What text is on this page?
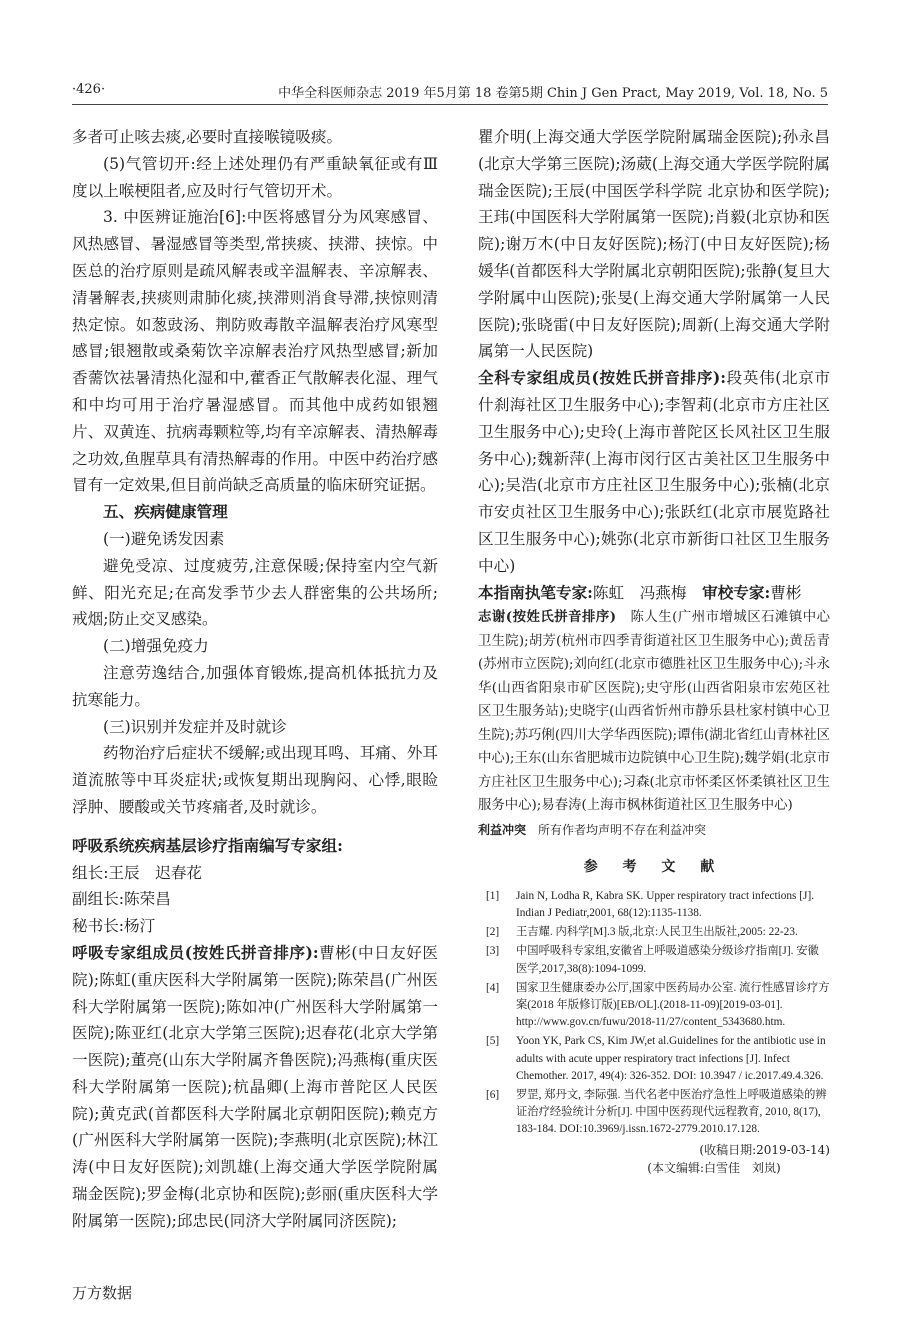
·426·	中华全科医师杂志 2019 年5月第 18 卷第5期 Chin J Gen Pract, May 2019, Vol. 18, No. 5

多者可止咳去痰,必要时直接喉镜吸痰。

(5)气管切开:经上述处理仍有严重缺氧征或有Ⅲ度以上喉梗阻者,应及时行气管切开术。

3. 中医辨证施治[6]:中医将感冒分为风寒感冒、风热感冒、暑湿感冒等类型,常挟痰、挟滞、挟惊。中医总的治疗原则是疏风解表或辛温解表、辛凉解表、清暑解表,挟痰则肃肺化痰,挟滞则消食导滞,挟惊则清热定惊。如葱豉汤、荆防败毒散辛温解表治疗风寒型感冒;银翘散或桑菊饮辛凉解表治疗风热型感冒;新加香薷饮祛暑清热化湿和中,藿香正气散解表化湿、理气和中均可用于治疗暑湿感冒。而其他中成药如银翘片、双黄连、抗病毒颗粒等,均有辛凉解表、清热解毒之功效,鱼腥草具有清热解毒的作用。中医中药治疗感冒有一定效果,但目前尚缺乏高质量的临床研究证据。

五、疾病健康管理

(一)避免诱发因素

避免受凉、过度疲劳,注意保暖;保持室内空气新鲜、阳光充足;在高发季节少去人群密集的公共场所;戒烟;防止交叉感染。

(二)增强免疫力

注意劳逸结合,加强体育锻炼,提高机体抵抗力及抗寒能力。

(三)识别并发症并及时就诊

药物治疗后症状不缓解;或出现耳鸣、耳痛、外耳道流脓等中耳炎症状;或恢复期出现胸闷、心悸,眼睑浮肿、腰酸或关节疼痛者,及时就诊。

呼吸系统疾病基层诊疗指南编写专家组:

组长:王辰　迟春花

副组长:陈荣昌

秘书长:杨汀

呼吸专家组成员(按姓氏拼音排序):曹彬(中日友好医院);陈虹(重庆医科大学附属第一医院);陈荣昌(广州医科大学附属第一医院);陈如冲(广州医科大学附属第一医院);陈亚红(北京大学第三医院);迟春花(北京大学第一医院);董亮(山东大学附属齐鲁医院);冯燕梅(重庆医科大学附属第一医院);杭晶卿(上海市普陀区人民医院);黄克武(首都医科大学附属北京朝阳医院);赖克方(广州医科大学附属第一医院);李燕明(北京医院);林江涛(中日友好医院);刘凯雄(上海交通大学医学院附属瑞金医院);罗金梅(北京协和医院);彭丽(重庆医科大学附属第一医院);邱忠民(同济大学附属同济医院);

瞿介明(上海交通大学医学院附属瑞金医院);孙永昌(北京大学第三医院);汤葳(上海交通大学医学院附属瑞金医院);王辰(中国医学科学院 北京协和医学院);王玮(中国医科大学附属第一医院);肖毅(北京协和医院);谢万木(中日友好医院);杨汀(中日友好医院);杨媛华(首都医科大学附属北京朝阳医院);张静(复旦大学附属中山医院);张旻(上海交通大学附属第一人民医院);张晓雷(中日友好医院);周新(上海交通大学附属第一人民医院)

全科专家组成员(按姓氏拼音排序):段英伟(北京市什刹海社区卫生服务中心);李智莉(北京市方庄社区卫生服务中心);史玲(上海市普陀区长风社区卫生服务中心);魏新萍(上海市闵行区古美社区卫生服务中心);吴浩(北京市方庄社区卫生服务中心);张楠(北京市安贞社区卫生服务中心);张跃红(北京市展览路社区卫生服务中心);姚弥(北京市新街口社区卫生服务中心)

本指南执笔专家:陈虹　冯燕梅　 审校专家:曹彬

志谢(按姓氏拼音排序)　 陈人生(广州市增城区石滩镇中心卫生院);胡芳(杭州市四季青街道社区卫生服务中心);黄岳青(苏州市立医院);刘向红(北京市德胜社区卫生服务中心);斗永华(山西省阳泉市矿区医院);史守彤(山西省阳泉市宏苑区社区卫生服务站);史晓宇(山西省忻州市静乐县杜家村镇中心卫生院);苏巧俐(四川大学华西医院);谭伟(湖北省红山青林社区中心);王东(山东省肥城市边院镇中心卫生院);魏学娟(北京市方庄社区卫生服务中心);习森(北京市怀柔区怀柔镇社区卫生服务中心);易春涛(上海市枫林街道社区卫生服务中心)

利益冲突　 所有作者均声明不存在利益冲突
参 考 文 献
[1]	Jain N, Lodha R, Kabra SK. Upper respiratory tract infections [J]. Indian J Pediatr,2001, 68(12):1135-1138.
[2]	王吉耀. 内科学[M].3 版,北京:人民卫生出版社,2005: 22-23.
[3]	中国呼吸科专家组,安徽省上呼吸道感染分级诊疗指南[J]. 安徽医学,2017,38(8):1094-1099.
[4]	国家卫生健康委办公厅,国家中医药局办公室. 流行性感冒诊疗方案(2018 年版修订版)[EB/OL].(2018-11-09)[2019-03-01]. http://www.gov.cn/fuwu/2018-11/27/content_5343680.htm.
[5]	Yoon YK, Park CS, Kim JW,et al.Guidelines for the antibiotic use in adults with acute upper respiratory tract infections [J]. Infect Chemother. 2017, 49(4): 326-352. DOI: 10.3947 / ic.2017.49.4.326.
[6]	罗罡, 郑丹文, 李际强. 当代名老中医治疗急性上呼吸道感染的辨证治疗经验统计分析[J]. 中国中医药现代远程教育, 2010, 8(17), 183-184. DOI:10.3969/j.issn.1672-2779.2010.17.128.
(收稿日期:2019-03-14)
(本文编辑:白雪佳　刘岚)
万方数据
